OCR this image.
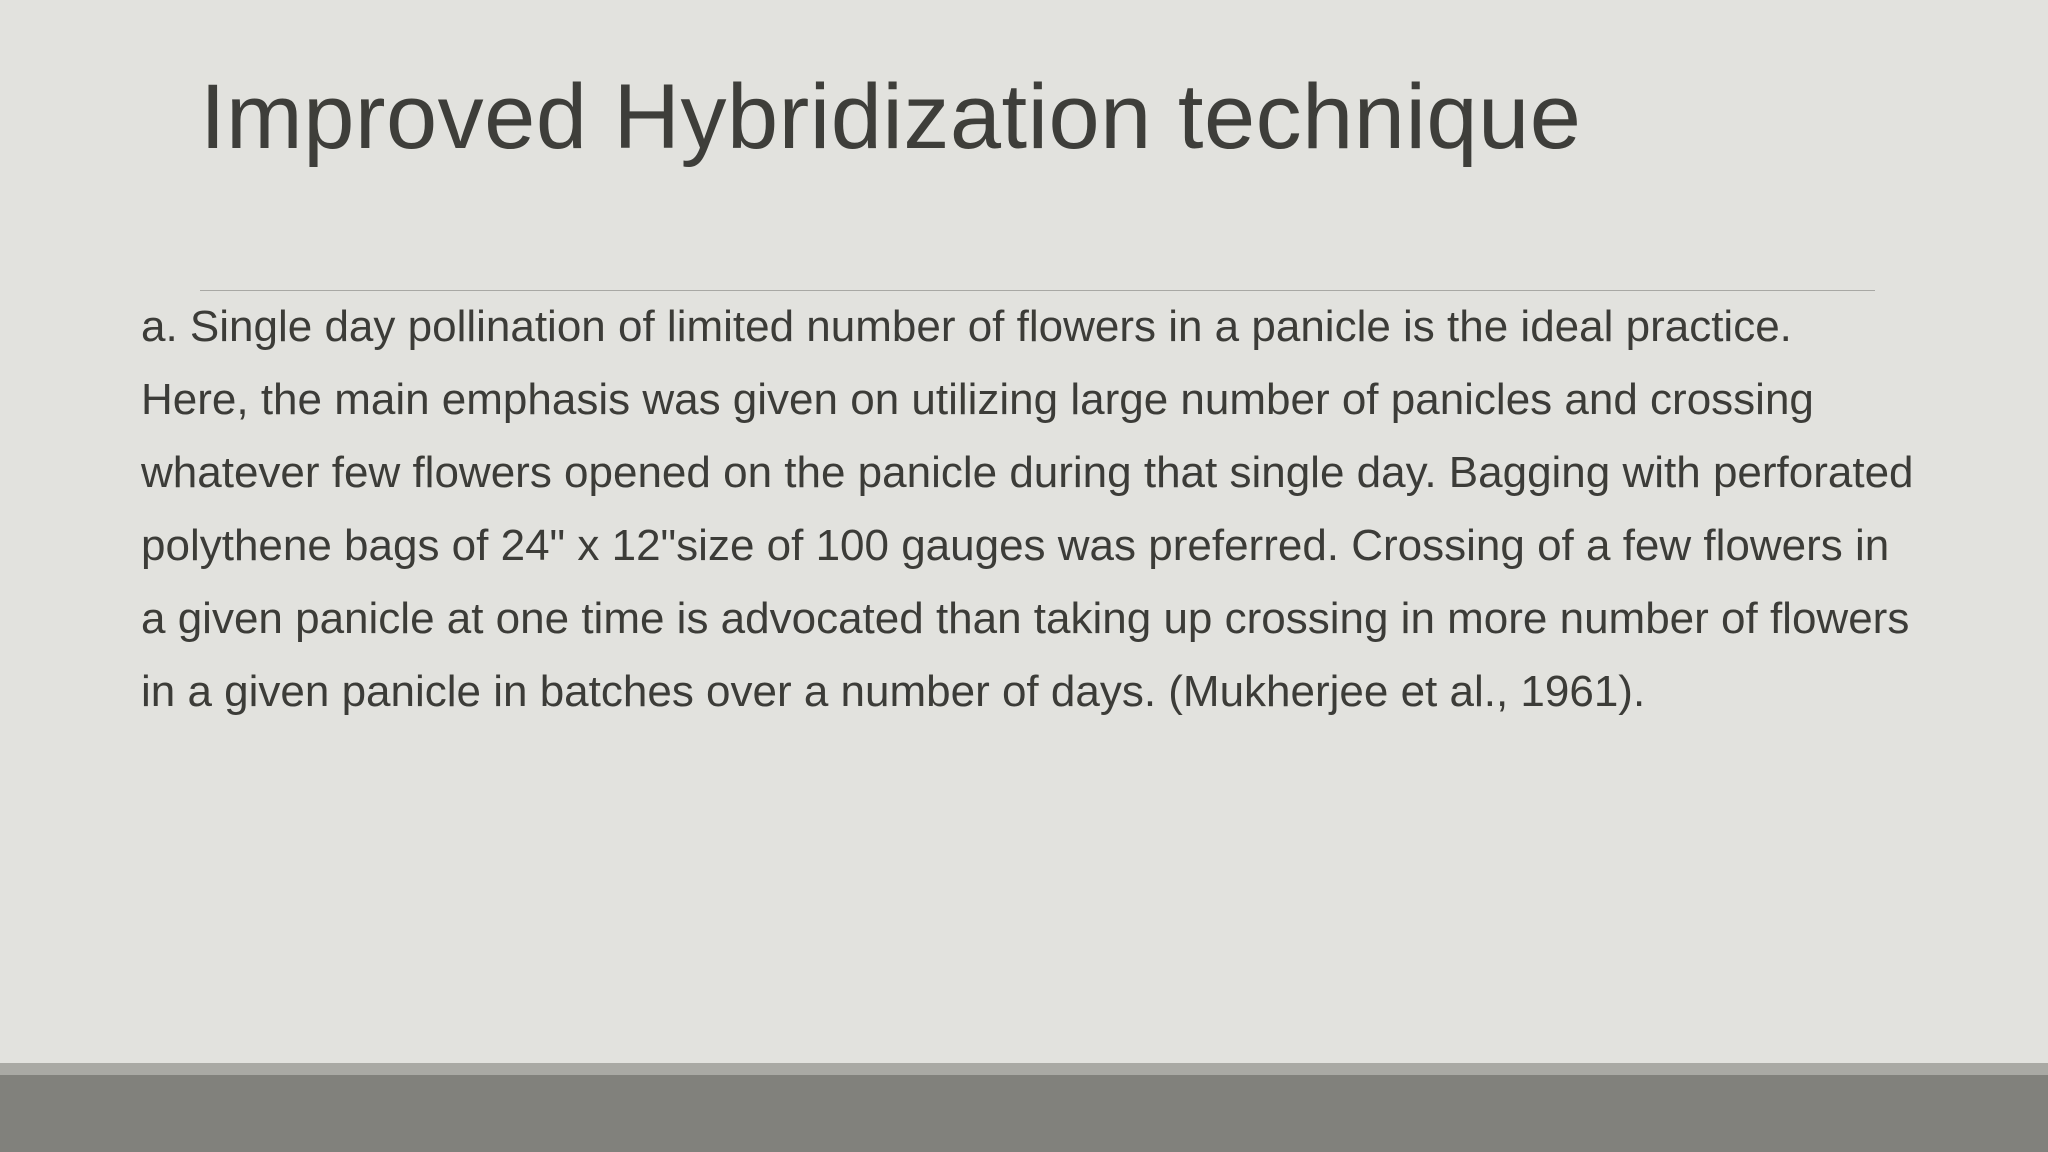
Improved Hybridization technique

a. Single day pollination of limited number of flowers in a panicle is the ideal practice.

Here, the main emphasis was given on utilizing large number of panicles and crossing whatever few flowers opened on the panicle during that single day. Bagging with perforated polythene bags of 24" x 12"size of 100 gauges was preferred. Crossing of a few flowers in a given panicle at one time is advocated than taking up crossing in more number of flowers in a given panicle in batches over a number of days. (Mukherjee et al., 1961).
